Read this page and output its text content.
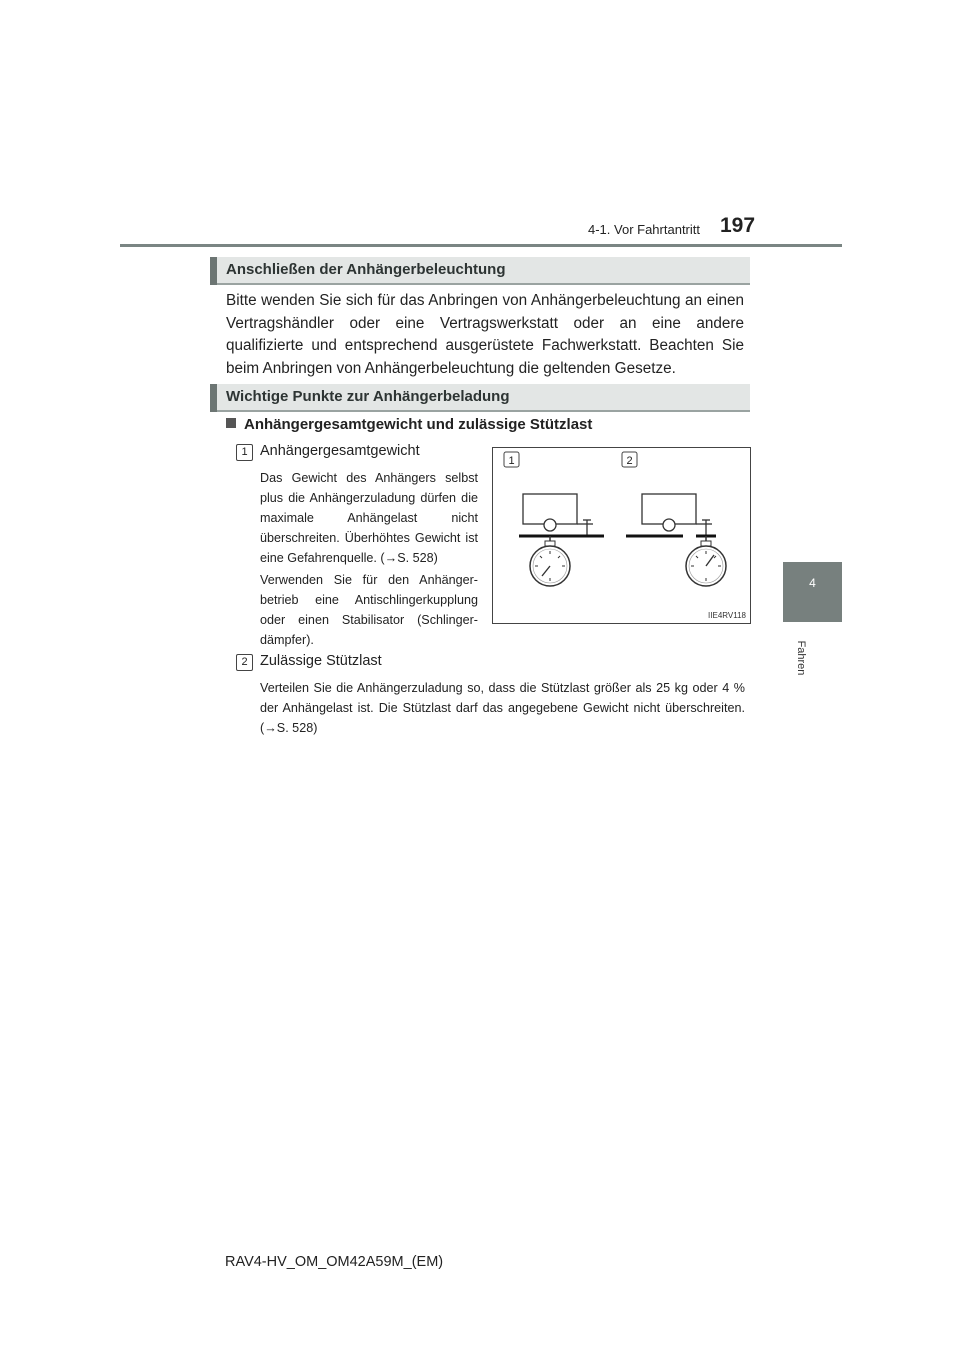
4-1. Vor Fahrtantritt 197
4
Fahren
Anschließen der Anhängerbeleuchtung
Bitte wenden Sie sich für das Anbringen von Anhängerbeleuchtung an einen Vertragshändler oder eine Vertragswerkstatt oder an eine andere qualifizierte und entsprechend ausgerüstete Fachwerkstatt. Beachten Sie beim Anbringen von Anhängerbeleuchtung die geltenden Gesetze.
Wichtige Punkte zur Anhängerbeladung
Anhängergesamtgewicht und zulässige Stützlast
1 Anhängergesamtgewicht
Das Gewicht des Anhängers selbst plus die Anhängerzuladung dürfen die maximale Anhängelast nicht überschreiten. Überhöhtes Gewicht ist eine Gefahrenquelle. (→S. 528)
Verwenden Sie für den Anhängerbetrieb eine Antischlingerkupplung oder einen Stabilisator (Schlingerdämpfer).
1	2
IIE4RV118
2 Zulässige Stützlast
Verteilen Sie die Anhängerzuladung so, dass die Stützlast größer als 25 kg oder 4 % der Anhängelast ist. Die Stützlast darf das angegebene Gewicht nicht überschreiten. (→S. 528)
RAV4-HV_OM_OM42A59M_(EM)
